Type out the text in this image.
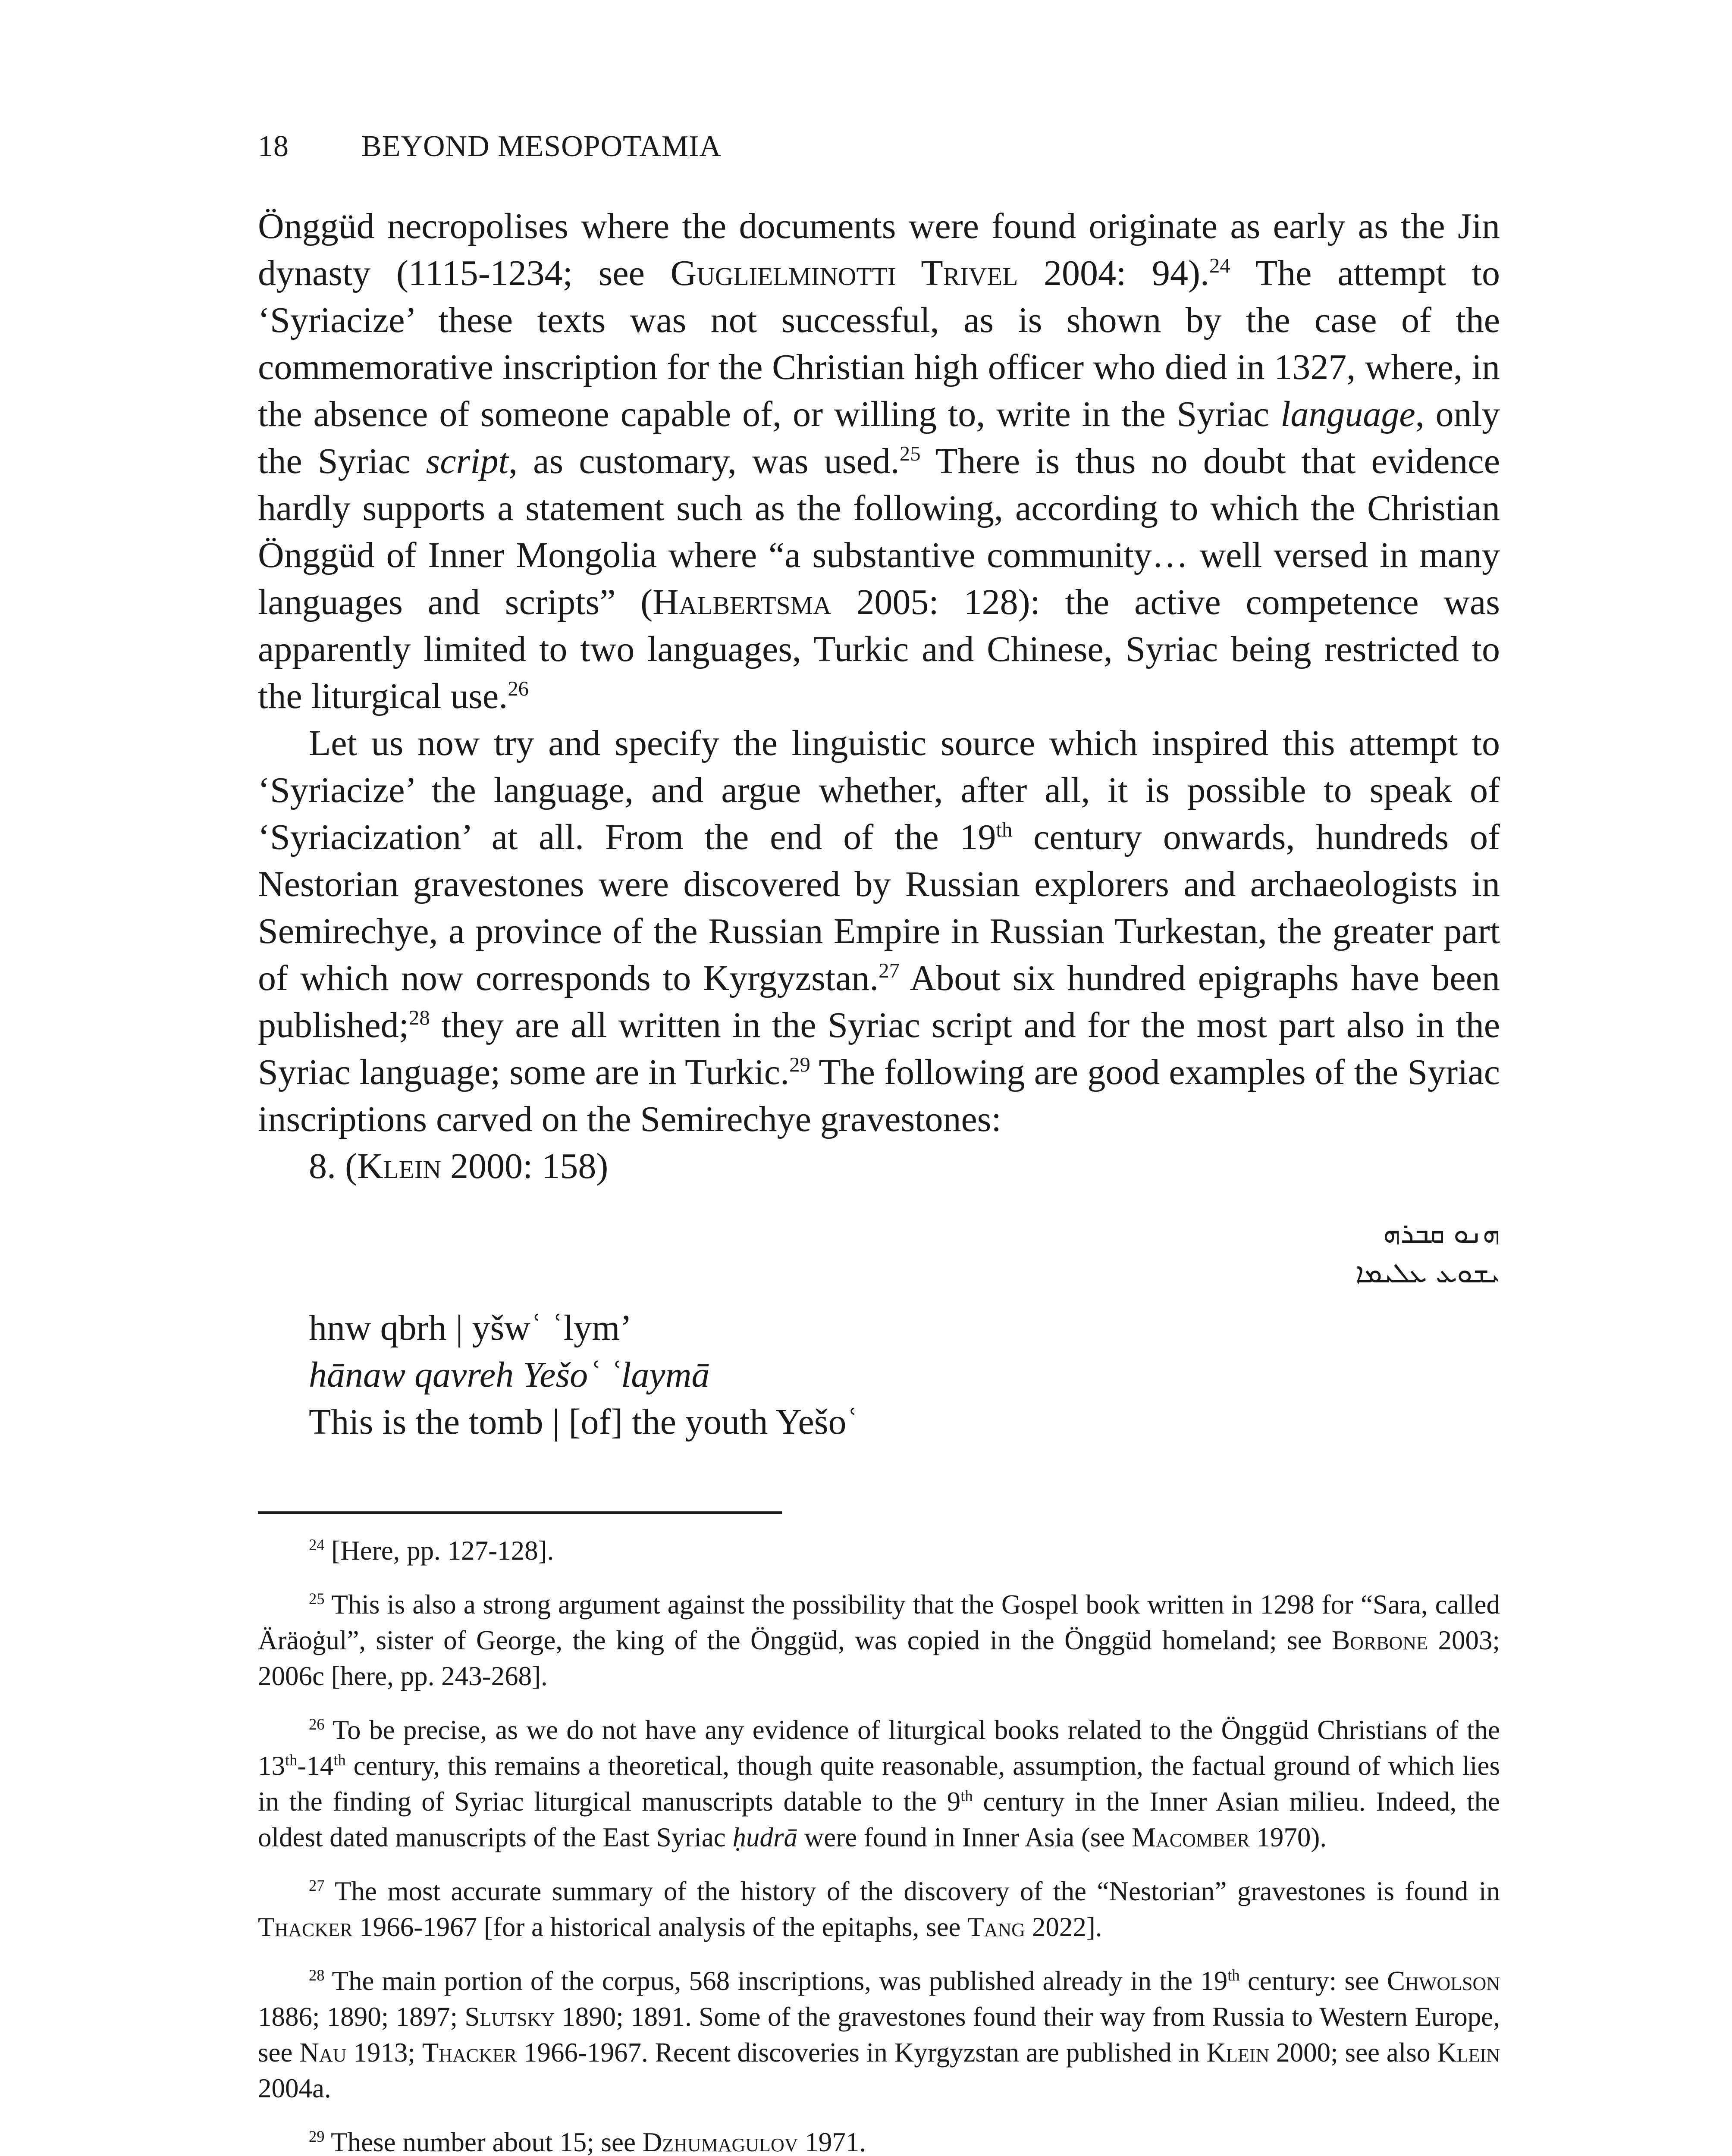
18 BEYOND MESOPOTAMIA

Önggüd necropolises where the documents were found originate as early as the Jin dynasty (1115-1234; see Guglielminotti Trivel 2004: 94).$^{24}$ The attempt to ‘Syriacize’ these texts was not successful, as is shown by the case of the commemorative inscription for the Christian high officer who died in 1327, where, in the absence of someone capable of, or willing to, write in the Syriac language, only the Syriac script, as customary, was used.$^{25}$ There is thus no doubt that evidence hardly supports a statement such as the following, according to which the Christian Önggüd of Inner Mongolia where “a substantive community… well versed in many languages and scripts” (Halbertsma 2005: 128): the active competence was apparently limited to two languages, Turkic and Chinese, Syriac being restricted to the liturgical use.$^{26}$

Let us now try and specify the linguistic source which inspired this attempt to ‘Syriacize’ the language, and argue whether, after all, it is possible to speak of ‘Syriacization’ at all. From the end of the 19th century onwards, hundreds of Nestorian gravestones were discovered by Russian explorers and archaeologists in Semirechye, a province of the Russian Empire in Russian Turkestan, the greater part of which now corresponds to Kyrgyzstan.$^{27}$ About six hundred epigraphs have been published;$^{28}$ they are all written in the Syriac script and for the most part also in the Syriac language; some are in Turkic.$^{29}$ The following are good examples of the Syriac inscriptions carved on the Semirechye gravestones:

8. (Klein 2000: 158)

ܗܢܘ ܩܒܪܗ
ܝܫܘܥ ܥܠܝܡܐ
hnw qbrh | yšwʿ ʿlym’
hānaw qavreh Yešoʿ ʿlaymā
This is the tomb | [of] the youth Yešoʿ

$^{24}$ [Here, pp. 127-128].

$^{25}$ This is also a strong argument against the possibility that the Gospel book written in 1298 for “Sara, called Äräoġul”, sister of George, the king of the Önggüd, was copied in the Önggüd homeland; see Borbone 2003; 2006c [here, pp. 243-268].

$^{26}$ To be precise, as we do not have any evidence of liturgical books related to the Önggüd Christians of the 13th-14th century, this remains a theoretical, though quite reasonable, assumption, the factual ground of which lies in the finding of Syriac liturgical manuscripts datable to the 9th century in the Inner Asian milieu. Indeed, the oldest dated manuscripts of the East Syriac ḥudrā were found in Inner Asia (see Macomber 1970).

$^{27}$ The most accurate summary of the history of the discovery of the “Nestorian” gravestones is found in Thacker 1966-1967 [for a historical analysis of the epitaphs, see Tang 2022].

$^{28}$ The main portion of the corpus, 568 inscriptions, was published already in the 19th century: see Chwolson 1886; 1890; 1897; Slutsky 1890; 1891. Some of the gravestones found their way from Russia to Western Europe, see Nau 1913; Thacker 1966-1967. Recent discoveries in Kyrgyzstan are published in Klein 2000; see also Klein 2004a.

$^{29}$ These number about 15; see Dzhumagulov 1971.
